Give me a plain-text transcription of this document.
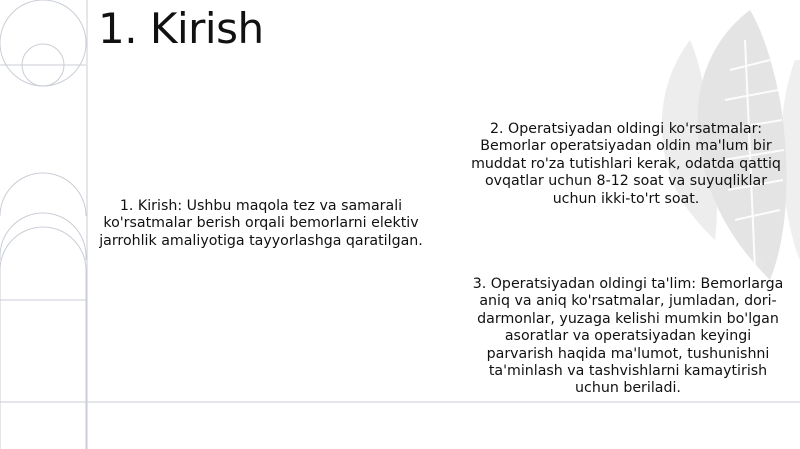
1. Kirish

1. Kirish: Ushbu maqola tez va samarali ko'rsatmalar berish orqali bemorlarni elektiv jarrohlik amaliyotiga tayyorlashga qaratilgan.

2. Operatsiyadan oldingi ko'rsatmalar: Bemorlar operatsiyadan oldin ma'lum bir muddat ro'za tutishlari kerak, odatda qattiq ovqatlar uchun 8-12 soat va suyuqliklar uchun ikki-to'rt soat.

3. Operatsiyadan oldingi ta'lim: Bemorlarga aniq va aniq ko'rsatmalar, jumladan, dori-darmonlar, yuzaga kelishi mumkin bo'lgan asoratlar va operatsiyadan keyingi parvarish haqida ma'lumot, tushunishni ta'minlash va tashvishlarni kamaytirish uchun beriladi.
